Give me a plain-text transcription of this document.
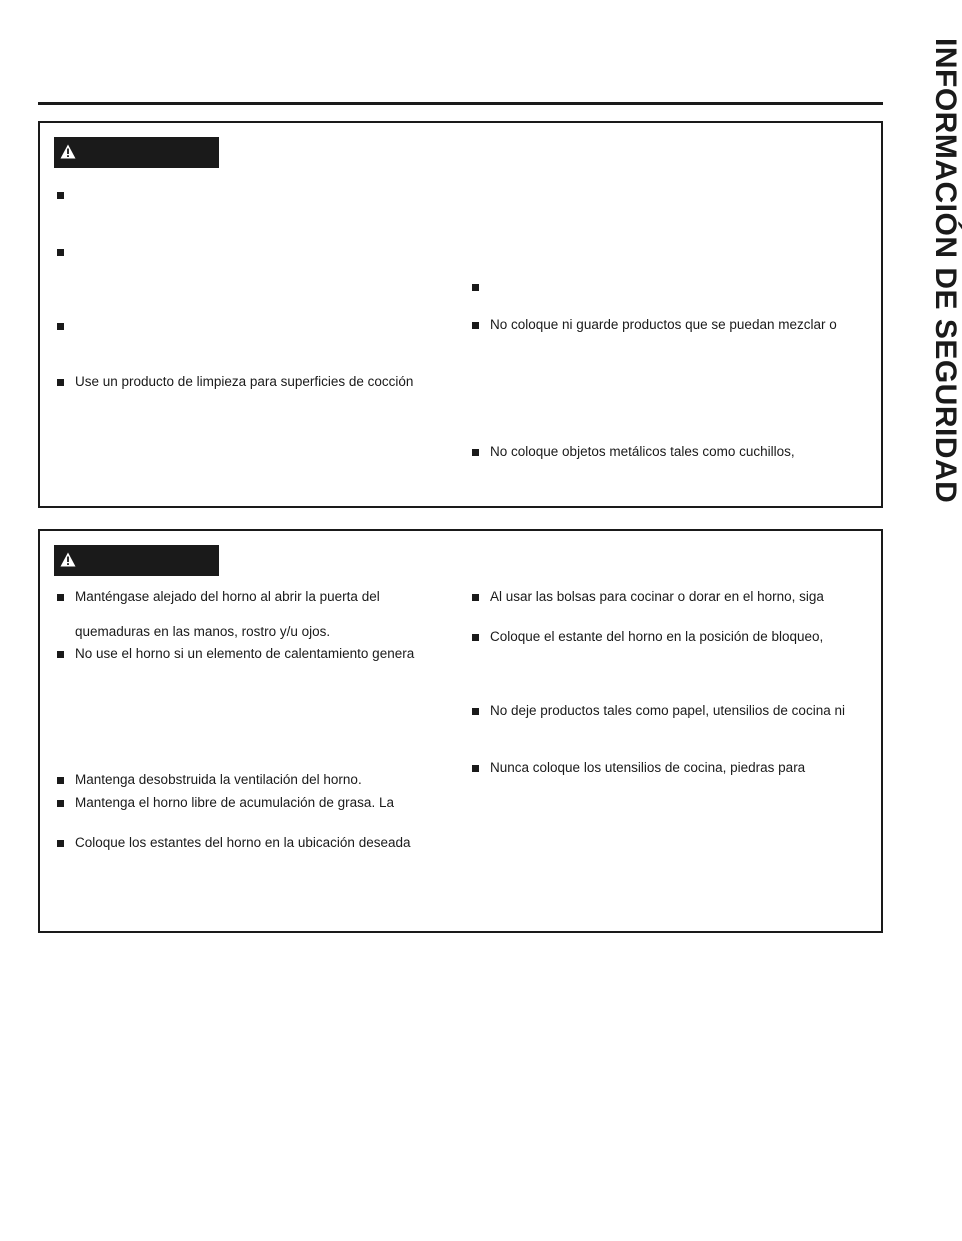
INFORMACIÓN DE SEGURIDAD
Use un producto de limpieza para superficies de cocción
No coloque ni guarde productos que se puedan mezclar o
No coloque objetos metálicos tales como cuchillos,
Manténgase alejado del horno al abrir la puerta del
quemaduras en las manos, rostro y/u ojos.
No use el horno si un elemento de calentamiento genera
Mantenga desobstruida la ventilación del horno.
Mantenga el horno libre de acumulación de grasa. La
Coloque los estantes del horno en la ubicación deseada
Al usar las bolsas para cocinar o dorar en el horno, siga
Coloque el estante del horno en la posición de bloqueo,
No deje productos tales como papel, utensilios de cocina ni
Nunca coloque los utensilios de cocina, piedras para
